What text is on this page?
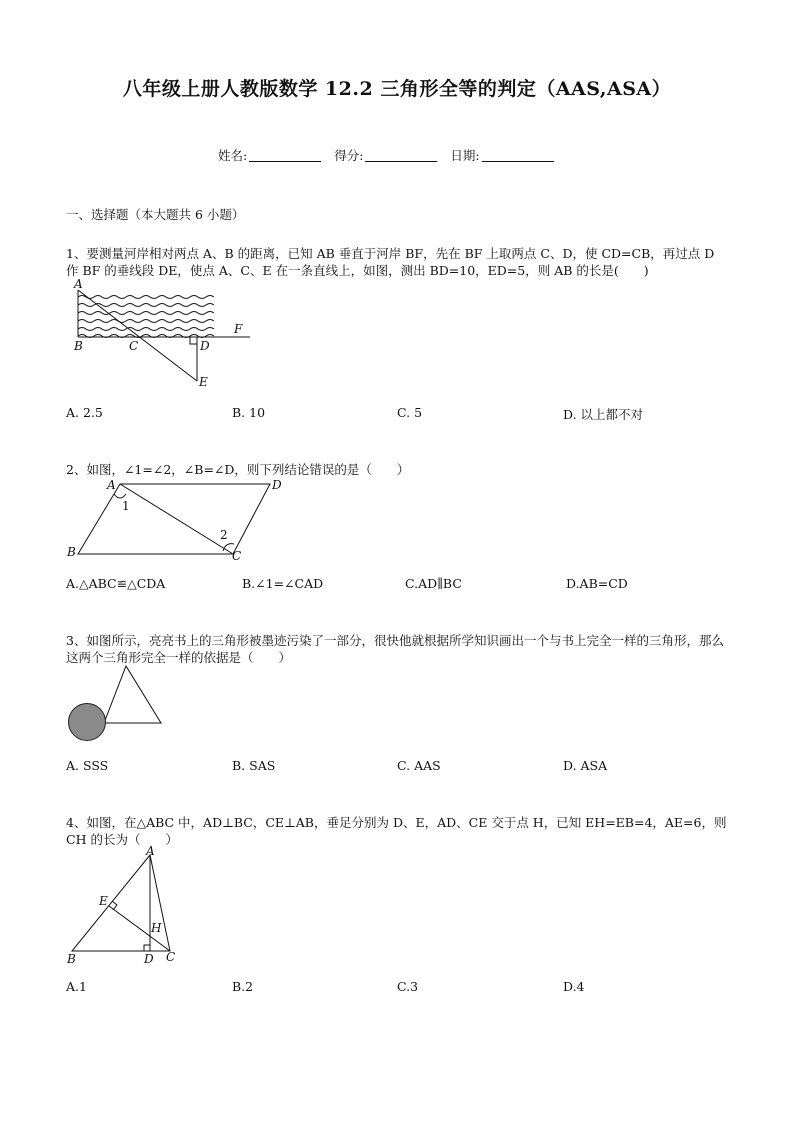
八年级上册人教版数学 12.2 三角形全等的判定（AAS,ASA）
姓名:	得分:	日期:
一、选择题（本大题共 6 小题）
1、要测量河岸相对两点 A、B 的距离，已知 AB 垂直于河岸 BF，先在 BF 上取两点 C、D，使 CD=CB，再过点 D 作 BF 的垂线段 DE，使点 A、C、E 在一条直线上，如图，测出 BD=10，ED=5，则 AB 的长是(　　)
A
B	C	D
E
F
A. 2.5	B. 10	C. 5	D. 以上都不对
2、如图，∠1=∠2，∠B=∠D，则下列结论错误的是（　　）
A	D
1
2
B	C
A.△ABC≌△CDA	B.∠1=∠CAD	C.AD∥BC	D.AB=CD
3、如图所示，亮亮书上的三角形被墨迹污染了一部分，很快他就根据所学知识画出一个与书上完全一样的三角形，那么这两个三角形完全一样的依据是（　　）
A. SSS	B. SAS	C. AAS	D. ASA
4、如图，在△ABC 中，AD⊥BC，CE⊥AB，垂足分别为 D、E，AD、CE 交于点 H，已知 EH=EB=4，AE=6，则 CH 的长为（　　）
A
E
H
B	D C
A.1	B.2	C.3	D.4
